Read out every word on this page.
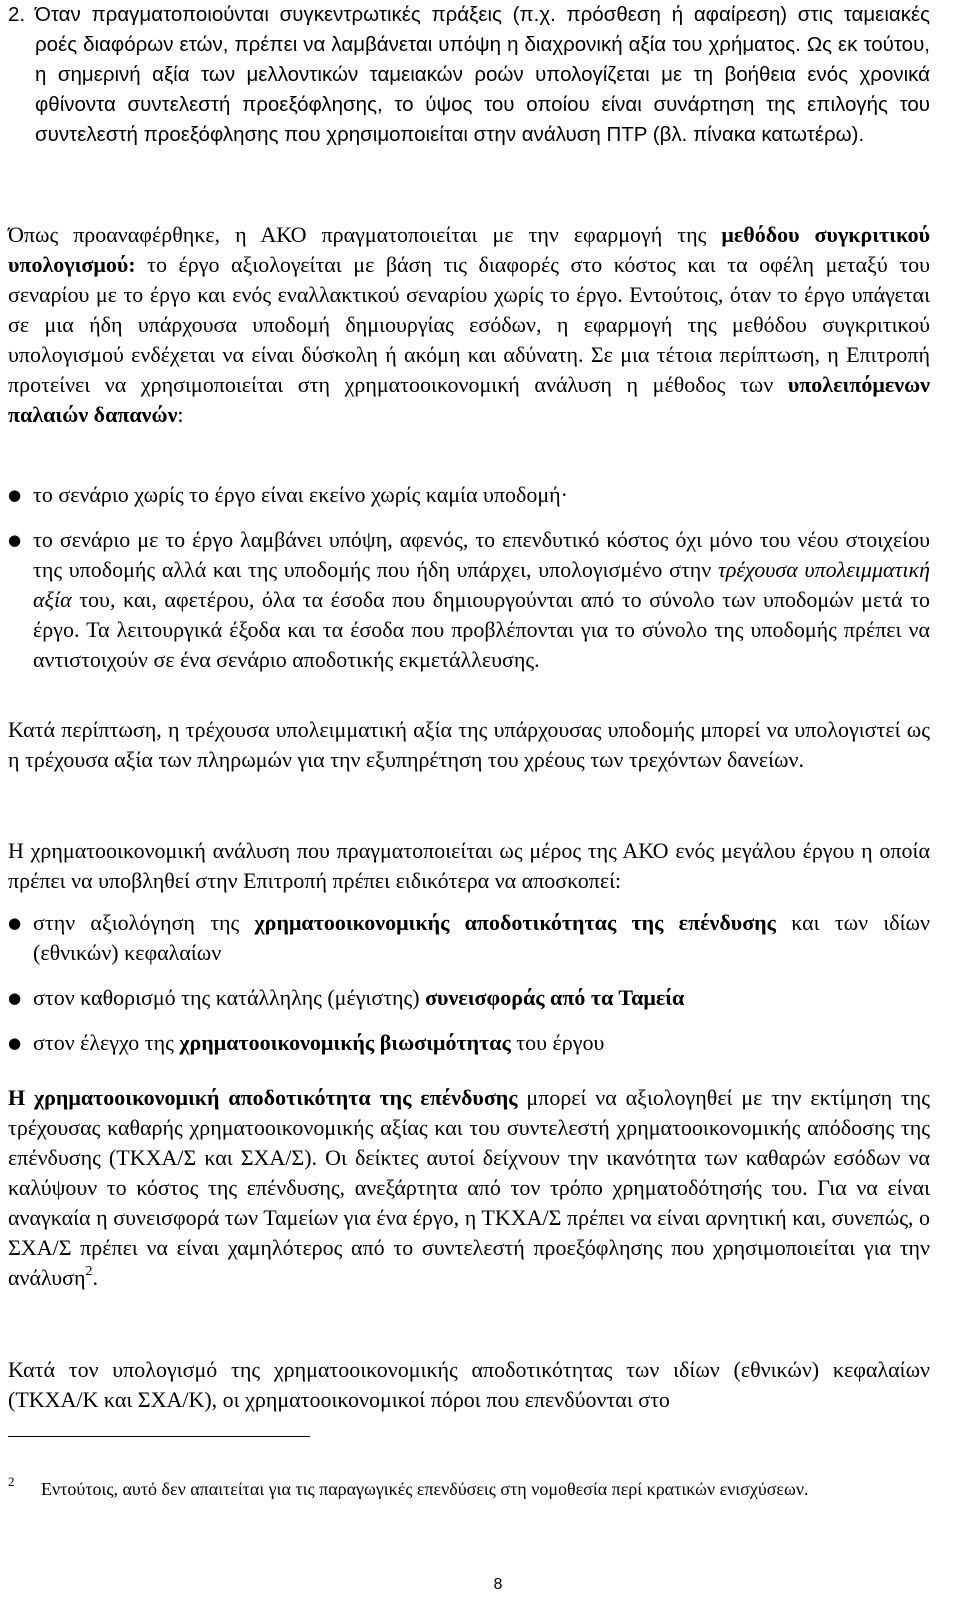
2. Όταν πραγματοποιούνται συγκεντρωτικές πράξεις (π.χ. πρόσθεση ή αφαίρεση) στις ταμειακές ροές διαφόρων ετών, πρέπει να λαμβάνεται υπόψη η διαχρονική αξία του χρήματος. Ως εκ τούτου, η σημερινή αξία των μελλοντικών ταμειακών ροών υπολογίζεται με τη βοήθεια ενός χρονικά φθίνοντα συντελεστή προεξόφλησης, το ύψος του οποίου είναι συνάρτηση της επιλογής του συντελεστή προεξόφλησης που χρησιμοποιείται στην ανάλυση ΠΤΡ (βλ. πίνακα κατωτέρω).

Όπως προαναφέρθηκε, η ΑΚΟ πραγματοποιείται με την εφαρμογή της μεθόδου συγκριτικού υπολογισμού: το έργο αξιολογείται με βάση τις διαφορές στο κόστος και τα οφέλη μεταξύ του σεναρίου με το έργο και ενός εναλλακτικού σεναρίου χωρίς το έργο. Εντούτοις, όταν το έργο υπάγεται σε μια ήδη υπάρχουσα υποδομή δημιουργίας εσόδων, η εφαρμογή της μεθόδου συγκριτικού υπολογισμού ενδέχεται να είναι δύσκολη ή ακόμη και αδύνατη. Σε μια τέτοια περίπτωση, η Επιτροπή προτείνει να χρησιμοποιείται στη χρηματοοικονομική ανάλυση η μέθοδος των υπολειπόμενων παλαιών δαπανών:

● το σενάριο χωρίς το έργο είναι εκείνο χωρίς καμία υποδομή·
● το σενάριο με το έργο λαμβάνει υπόψη, αφενός, το επενδυτικό κόστος όχι μόνο του νέου στοιχείου της υποδομής αλλά και της υποδομής που ήδη υπάρχει, υπολογισμένο στην τρέχουσα υπολειμματική αξία του, και, αφετέρου, όλα τα έσοδα που δημιουργούνται από το σύνολο των υποδομών μετά το έργο. Τα λειτουργικά έξοδα και τα έσοδα που προβλέπονται για το σύνολο της υποδομής πρέπει να αντιστοιχούν σε ένα σενάριο αποδοτικής εκμετάλλευσης.

Κατά περίπτωση, η τρέχουσα υπολειμματική αξία της υπάρχουσας υποδομής μπορεί να υπολογιστεί ως η τρέχουσα αξία των πληρωμών για την εξυπηρέτηση του χρέους των τρεχόντων δανείων.

Η χρηματοοικονομική ανάλυση που πραγματοποιείται ως μέρος της ΑΚΟ ενός μεγάλου έργου η οποία πρέπει να υποβληθεί στην Επιτροπή πρέπει ειδικότερα να αποσκοπεί:

● στην αξιολόγηση της χρηματοοικονομικής αποδοτικότητας της επένδυσης και των ιδίων (εθνικών) κεφαλαίων
● στον καθορισμό της κατάλληλης (μέγιστης) συνεισφοράς από τα Ταμεία
● στον έλεγχο της χρηματοοικονομικής βιωσιμότητας του έργου

Η χρηματοοικονομική αποδοτικότητα της επένδυσης μπορεί να αξιολογηθεί με την εκτίμηση της τρέχουσας καθαρής χρηματοοικονομικής αξίας και του συντελεστή χρηματοοικονομικής απόδοσης της επένδυσης (ΤΚΧΑ/Σ και ΣΧΑ/Σ). Οι δείκτες αυτοί δείχνουν την ικανότητα των καθαρών εσόδων να καλύψουν το κόστος της επένδυσης, ανεξάρτητα από τον τρόπο χρηματοδότησής του. Για να είναι αναγκαία η συνεισφορά των Ταμείων για ένα έργο, η ΤΚΧΑ/Σ πρέπει να είναι αρνητική και, συνεπώς, ο ΣΧΑ/Σ πρέπει να είναι χαμηλότερος από το συντελεστή προεξόφλησης που χρησιμοποιείται για την ανάλυση$^2$.

Κατά τον υπολογισμό της χρηματοοικονομικής αποδοτικότητας των ιδίων (εθνικών) κεφαλαίων (ΤΚΧΑ/Κ και ΣΧΑ/Κ), οι χρηματοοικονομικοί πόροι που επενδύονται στο

2 Εντούτοις, αυτό δεν απαιτείται για τις παραγωγικές επενδύσεις στη νομοθεσία περί κρατικών ενισχύσεων.
8
